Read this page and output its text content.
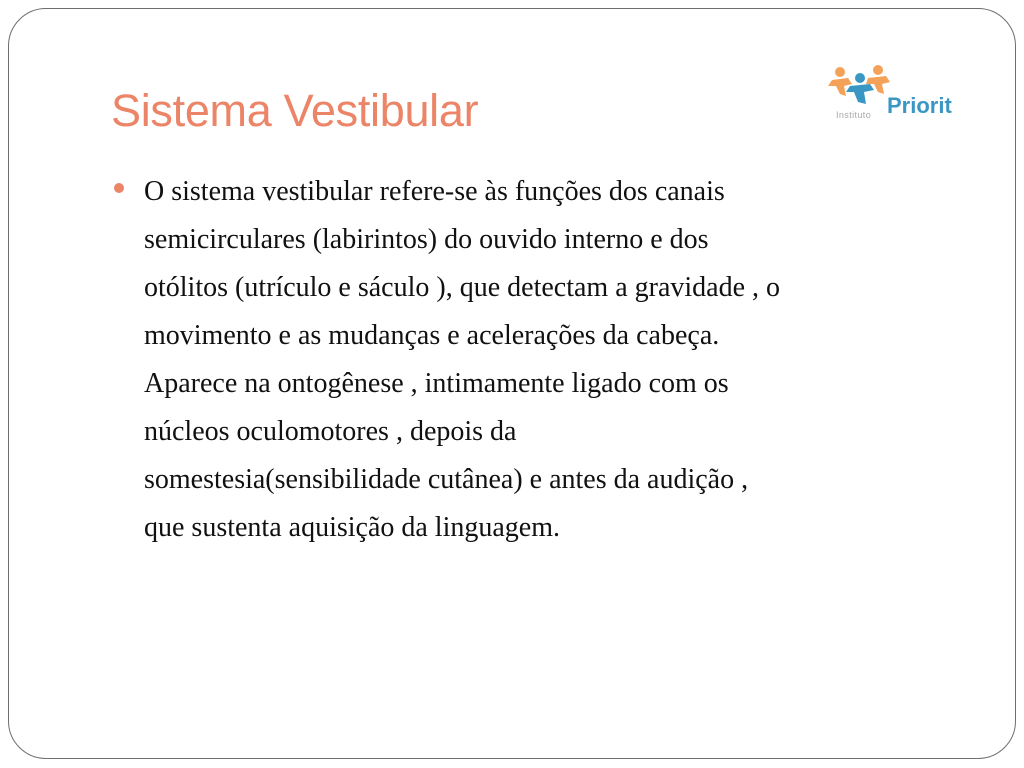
Sistema Vestibular	Priorit
Instituto

O sistema vestibular refere-se às funções dos canais
semicirculares (labirintos) do ouvido interno e dos
otólitos (utrículo e sáculo ), que detectam a gravidade , o
movimento e as mudanças e acelerações da cabeça.
Aparece na ontogênese , intimamente ligado com os
núcleos oculomotores , depois da
somestesia(sensibilidade cutânea) e antes da audição ,
que sustenta aquisição da linguagem.
